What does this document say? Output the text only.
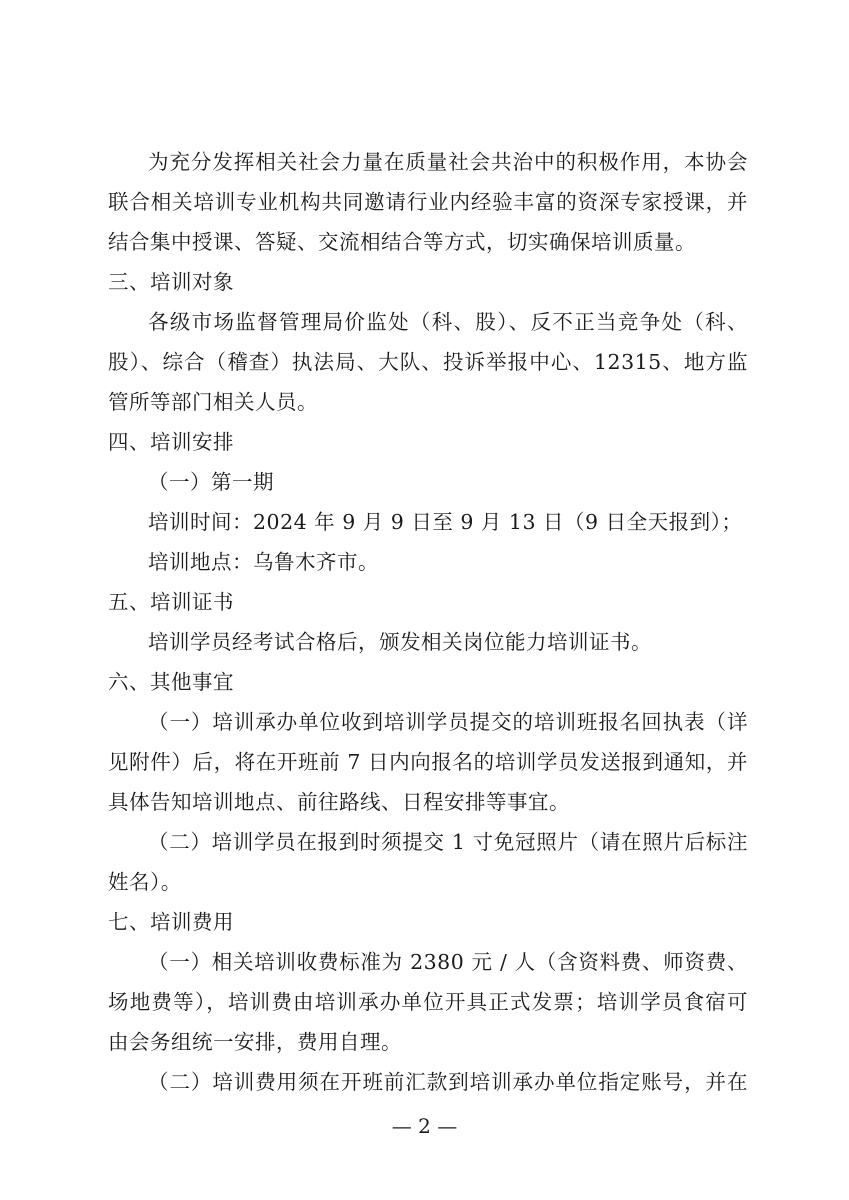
为充分发挥相关社会力量在质量社会共治中的积极作用，本协会
联合相关培训专业机构共同邀请行业内经验丰富的资深专家授课，并
结合集中授课、答疑、交流相结合等方式，切实确保培训质量。
三、培训对象
各级市场监督管理局价监处（科、股）、反不正当竞争处（科、
股）、综合（稽查）执法局、大队、投诉举报中心、12315、地方监
管所等部门相关人员。
四、培训安排
（一）第一期
培训时间：2024 年 9 月 9 日至 9 月 13 日（9 日全天报到）；
培训地点：乌鲁木齐市。
五、培训证书
培训学员经考试合格后，颁发相关岗位能力培训证书。
六、其他事宜
（一）培训承办单位收到培训学员提交的培训班报名回执表（详
见附件）后，将在开班前 7 日内向报名的培训学员发送报到通知，并
具体告知培训地点、前往路线、日程安排等事宜。
（二）培训学员在报到时须提交 1 寸免冠照片（请在照片后标注
姓名）。
七、培训费用
（一）相关培训收费标准为 2380 元 / 人（含资料费、师资费、
场地费等），培训费由培训承办单位开具正式发票；培训学员食宿可
由会务组统一安排，费用自理。
（二）培训费用须在开班前汇款到培训承办单位指定账号，并在
— 2 —
